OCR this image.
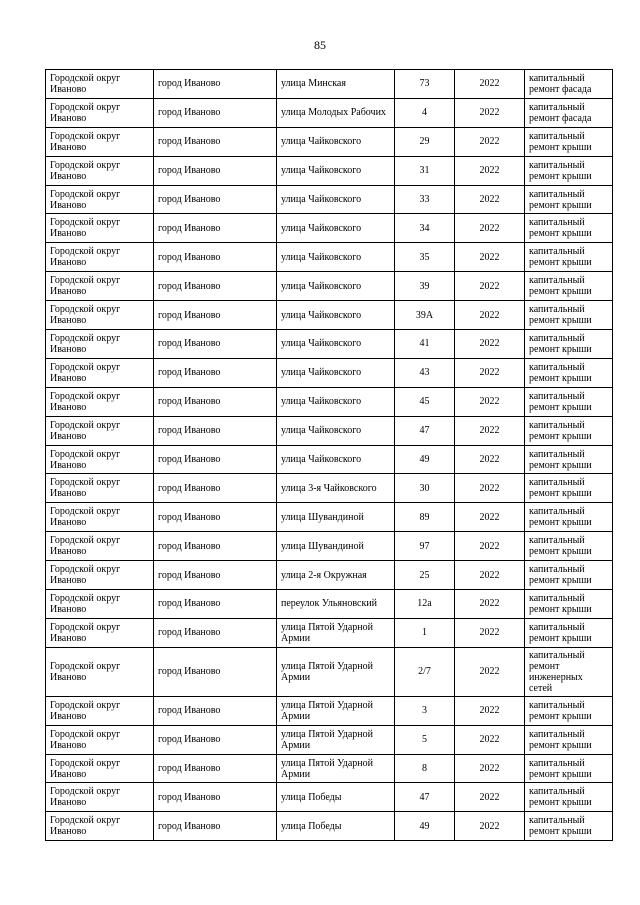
85
Городской округ Иваново	город Иваново	улица Минская	73	2022	капитальный ремонт фасада
Городской округ Иваново	город Иваново	улица Молодых Рабочих	4	2022	капитальный ремонт фасада
Городской округ Иваново	город Иваново	улица Чайковского	29	2022	капитальный ремонт крыши
Городской округ Иваново	город Иваново	улица Чайковского	31	2022	капитальный ремонт крыши
Городской округ Иваново	город Иваново	улица Чайковского	33	2022	капитальный ремонт крыши
Городской округ Иваново	город Иваново	улица Чайковского	34	2022	капитальный ремонт крыши
Городской округ Иваново	город Иваново	улица Чайковского	35	2022	капитальный ремонт крыши
Городской округ Иваново	город Иваново	улица Чайковского	39	2022	капитальный ремонт крыши
Городской округ Иваново	город Иваново	улица Чайковского	39А	2022	капитальный ремонт крыши
Городской округ Иваново	город Иваново	улица Чайковского	41	2022	капитальный ремонт крыши
Городской округ Иваново	город Иваново	улица Чайковского	43	2022	капитальный ремонт крыши
Городской округ Иваново	город Иваново	улица Чайковского	45	2022	капитальный ремонт крыши
Городской округ Иваново	город Иваново	улица Чайковского	47	2022	капитальный ремонт крыши
Городской округ Иваново	город Иваново	улица Чайковского	49	2022	капитальный ремонт крыши
Городской округ Иваново	город Иваново	улица 3-я Чайковского	30	2022	капитальный ремонт крыши
Городской округ Иваново	город Иваново	улица Шувандиной	89	2022	капитальный ремонт крыши
Городской округ Иваново	город Иваново	улица Шувандиной	97	2022	капитальный ремонт крыши
Городской округ Иваново	город Иваново	улица 2-я Окружная	25	2022	капитальный ремонт крыши
Городской округ Иваново	город Иваново	переулок Ульяновский	12а	2022	капитальный ремонт крыши
Городской округ Иваново	город Иваново	улица Пятой Ударной Армии	1	2022	капитальный ремонт крыши
Городской округ Иваново	город Иваново	улица Пятой Ударной Армии	2/7	2022	капитальный ремонт инженерных сетей
Городской округ Иваново	город Иваново	улица Пятой Ударной Армии	3	2022	капитальный ремонт крыши
Городской округ Иваново	город Иваново	улица Пятой Ударной Армии	5	2022	капитальный ремонт крыши
Городской округ Иваново	город Иваново	улица Пятой Ударной Армии	8	2022	капитальный ремонт крыши
Городской округ Иваново	город Иваново	улица Победы	47	2022	капитальный ремонт крыши
Городской округ Иваново	город Иваново	улица Победы	49	2022	капитальный ремонт крыши
